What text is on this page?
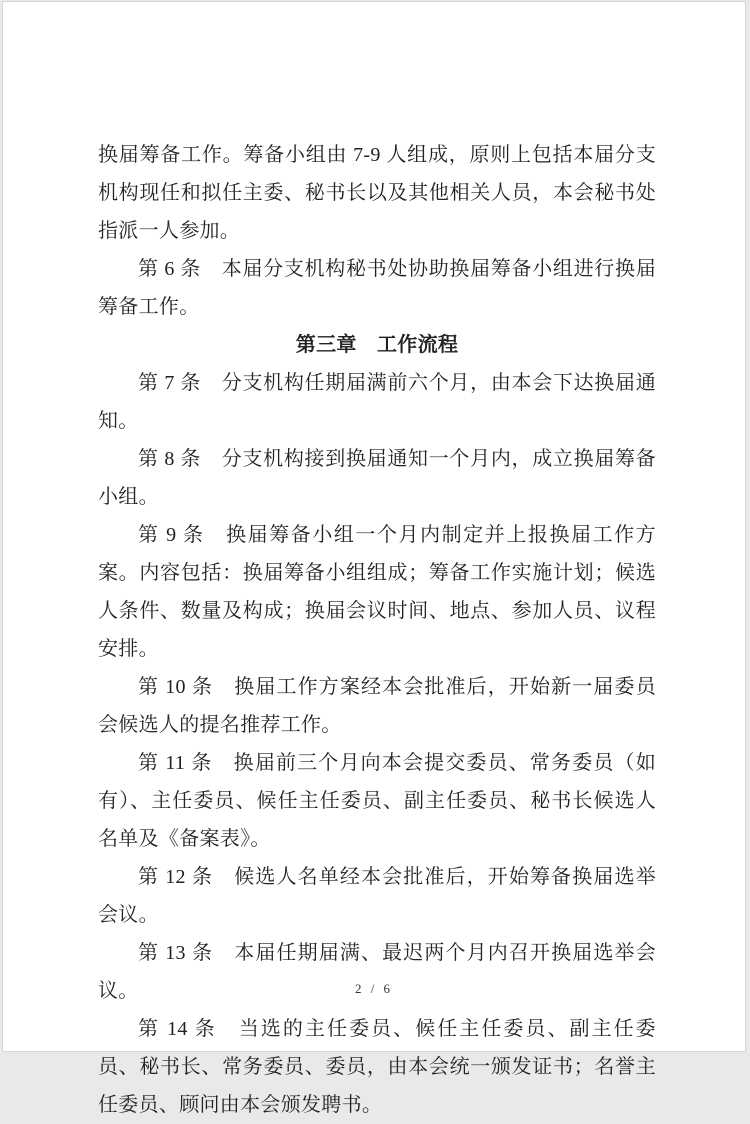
换届筹备工作。筹备小组由 7-9 人组成，原则上包括本届分支机构现任和拟任主委、秘书长以及其他相关人员，本会秘书处指派一人参加。

第 6 条　本届分支机构秘书处协助换届筹备小组进行换届筹备工作。

第三章　工作流程

第 7 条　分支机构任期届满前六个月，由本会下达换届通知。

第 8 条　分支机构接到换届通知一个月内，成立换届筹备小组。

第 9 条　换届筹备小组一个月内制定并上报换届工作方案。内容包括：换届筹备小组组成；筹备工作实施计划；候选人条件、数量及构成；换届会议时间、地点、参加人员、议程安排。

第 10 条　换届工作方案经本会批准后，开始新一届委员会候选人的提名推荐工作。

第 11 条　换届前三个月向本会提交委员、常务委员（如有）、主任委员、候任主任委员、副主任委员、秘书长候选人名单及《备案表》。

第 12 条　候选人名单经本会批准后，开始筹备换届选举会议。

第 13 条　本届任期届满、最迟两个月内召开换届选举会议。

第 14 条　当选的主任委员、候任主任委员、副主任委员、秘书长、常务委员、委员，由本会统一颁发证书；名誉主任委员、顾问由本会颁发聘书。

2 / 6
